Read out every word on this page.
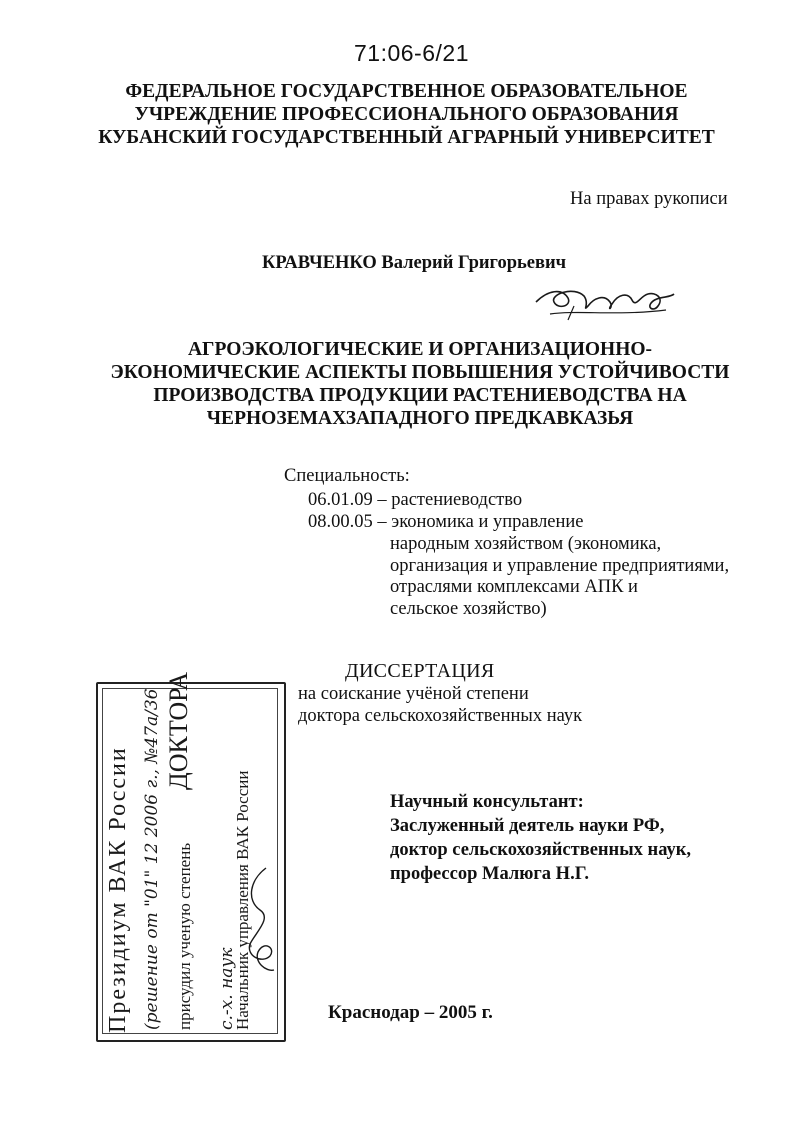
71:06-6/21
ФЕДЕРАЛЬНОЕ ГОСУДАРСТВЕННОЕ ОБРАЗОВАТЕЛЬНОЕ
УЧРЕЖДЕНИЕ ПРОФЕССИОНАЛЬНОГО ОБРАЗОВАНИЯ
КУБАНСКИЙ ГОСУДАРСТВЕННЫЙ АГРАРНЫЙ УНИВЕРСИТЕТ
На правах рукописи
КРАВЧЕНКО Валерий Григорьевич
АГРОЭКОЛОГИЧЕСКИЕ И ОРГАНИЗАЦИОННО-
ЭКОНОМИЧЕСКИЕ АСПЕКТЫ ПОВЫШЕНИЯ УСТОЙЧИВОСТИ
ПРОИЗВОДСТВА ПРОДУКЦИИ РАСТЕНИЕВОДСТВА НА
ЧЕРНОЗЕМАХЗАПАДНОГО ПРЕДКАВКАЗЬЯ
Специальность:
06.01.09 – растениеводство
08.00.05 – экономика и управление
народным хозяйством (экономика,
организация и управление предприятиями,
отраслями комплексами АПК и
сельское хозяйство)
ДИССЕРТАЦИЯ
на соискание учёной степени
доктора сельскохозяйственных наук
Научный консультант:
Заслуженный деятель науки РФ,
доктор сельскохозяйственных наук,
профессор Малюга Н.Г.
Краснодар – 2005 г.
Президиум ВАК России (решение от "01" 12 2006 г., №47а/36 присудил ученую степень
ДОКТОРА
с.-х. наук
Начальник управления ВАК России
